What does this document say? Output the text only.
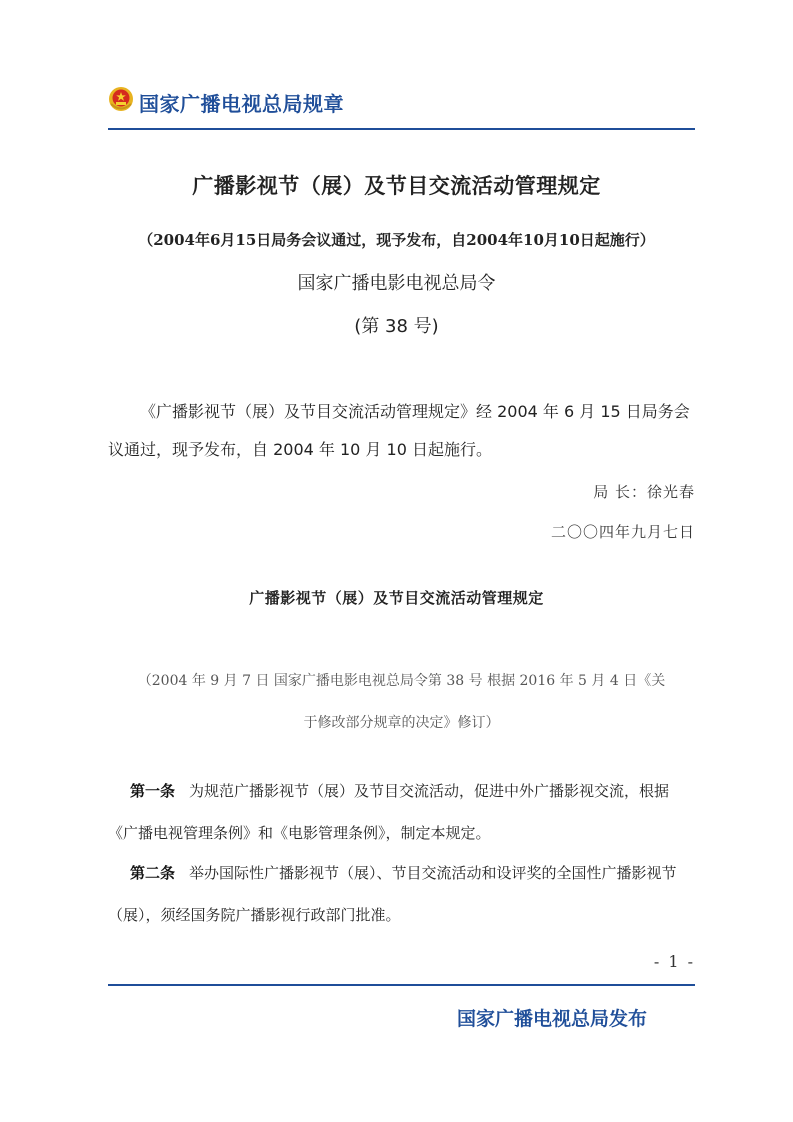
国家广播电视总局规章
广播影视节（展）及节目交流活动管理规定
（2004年6月15日局务会议通过，现予发布，自2004年10月10日起施行）
国家广播电影电视总局令
(第 38 号)
《广播影视节（展）及节目交流活动管理规定》经 2004 年 6 月 15 日局务会议通过，现予发布，自 2004 年 10 月 10 日起施行。
局 长：徐光春
二〇〇四年九月七日
广播影视节（展）及节目交流活动管理规定
（2004 年 9 月 7 日 国家广播电影电视总局令第 38 号 根据 2016 年 5 月 4 日《关
于修改部分规章的决定》修订）
第一条 为规范广播影视节（展）及节目交流活动，促进中外广播影视交流，根据《广播电视管理条例》和《电影管理条例》，制定本规定。
第二条 举办国际性广播影视节（展）、节目交流活动和设评奖的全国性广播影视节（展），须经国务院广播影视行政部门批准。
- 1 -
国家广播电视总局发布
